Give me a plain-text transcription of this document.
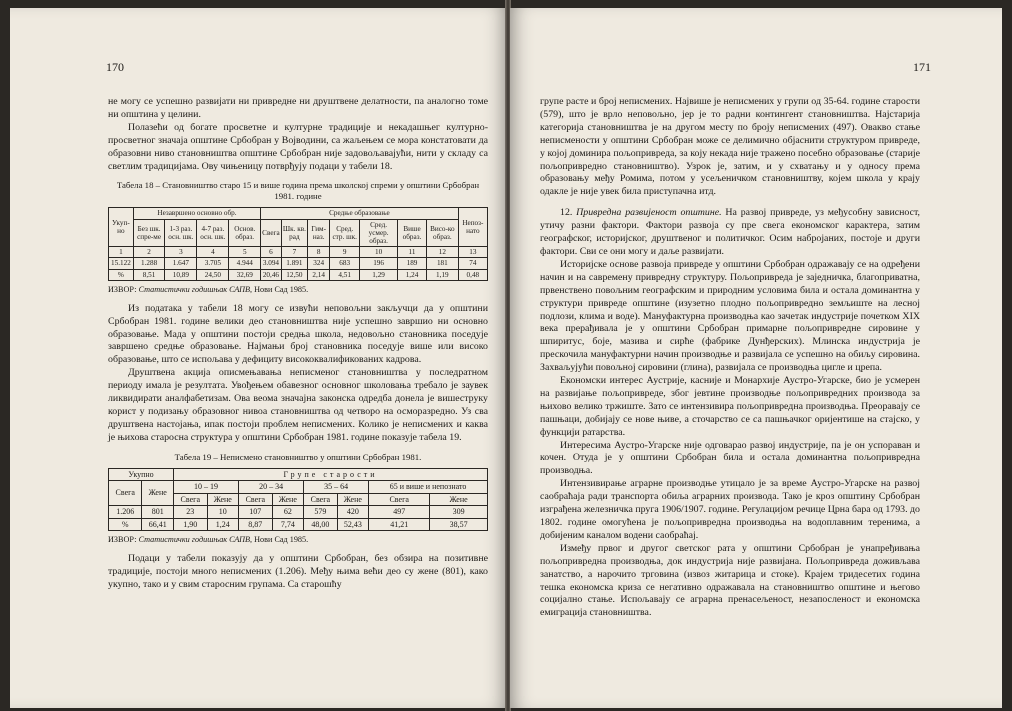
170

не могу се успешно развијати ни привредне ни друштвене делатности, па аналогно томе ни општина у целини.

Полазећи од богате просветне и културне традиције и некадашњег културно-просветног значаја општине Србобран у Војводини, са жаљењем се мора констатовати да образовни ниво становништва општине Србобран није задовољавајући, нити у складу са светлим традицијама. Ову чињеницу потврђују подаци у табели 18.

Табела 18 – Становништво старо 15 и више година према школској спреми у општини Србобран 1981. године
Укуп-но	Незавршено основно обр.				Средње образовање							Непоз-нато
	Без шк. спре-ме	1-3 раз. осн. шк.	4-7 раз. осн. шк.	Основ. образ.	Свега	Шк. кв. рад	Гим-наз.	Сред. стр. шк.	Сред. усмер. образ.	Више образ.	Висо-ко образ.	
1	2	3	4	5	6	7	8	9	10	11	12	13
15.122	1.288	1.647	3.705	4.944	3.094	1.891	324	683	196	189	181	74
%	8,51	10,89	24,50	32,69	20,46	12,50	2,14	4,51	1,29	1,24	1,19	0,48
ИЗВОР: Статистички годишњак САПВ, Нови Сад 1985.

Из података у табели 18 могу се извући неповољни закључци да у општини Србобран 1981. године велики део становништва није успешно завршио ни основно образовање. Мада у општини постоји средња школа, недовољно становника поседује завршено средње образовање. Најмањи број становника поседује више или високо образовање, што се испољава у дефициту висококвалификованих кадрова.

Друштвена акција описмењавања неписменог становништва у последратном периоду имала је резултата. Увођењем обавезног основног школовања требало је заувек ликвидирати аналфабетизам. Ова веома значајна законска одредба донела је вишеструку корист у подизању образовног нивоа становништва од четворо на осморазредно. Уз сва друштвена настојања, ипак постоји проблем неписмених. Колико је неписмених и каква је њихова старосна структура у општини Србобран 1981. године показује табела 19.

Табела 19 – Неписмено становништво у општини Србобран 1981.
Укупно		Групе старости							
Свега	Жене	10 – 19		20 – 34		35 – 64		65 и више и непознато	
		Свега	Жене	Свега	Жене	Свега	Жене	Свега	Жене
1.206	801	23	10	107	62	579	420	497	309
%	66,41	1,90	1,24	8,87	7,74	48,00	52,43	41,21	38,57
ИЗВОР: Статистички годишњак САПВ, Нови Сад 1985.

Подаци у табели показују да у општини Србобран, без обзира на позитивне традиције, постоји много неписмених (1.206). Међу њима већи део су жене (801), како укупно, тако и у свим старосним групама. Са старошћу

171

групе расте и број неписмених. Највише је неписмених у групи од 35-64. године старости (579), што је врло неповољно, јер је то радни контингент становништва. Најстарија категорија становништва је на другом месту по броју неписмених (497). Овакво стање неписмености у општини Србобран може се делимично објаснити структуром привреде, у којој доминира пољопривреда, за коју некада није тражено посебно образовање (старије пољопривредно становништво). Узрок је, затим, и у схватању и у односу према образовању међу Ромима, потом у усељеничком становништву, којем школа у крају одакле је није увек била приступачна итд.

12. Привредна развијеност општине. На развој привреде, уз међусобну зависност, утичу разни фактори. Фактори развоја су пре свега економског карактера, затим географског, историјског, друштвеног и политичког. Осим набројаних, постоје и други фактори. Сви се они могу и даље развијати.

Историјске основе развоја привреде у општини Србобран одражавају се на одређени начин и на савремену привредну структуру. Пољопривреда је заједничка, благоприватна, првенствено повољним географским и природним условима била и остала доминантна у структури привреде општине (изузетно плодно пољопривредно земљиште на лесној подлози, клима и воде). Мануфактурна производња као зачетак индустрије почетком XIX века прерађивала је у општини Србобран примарне пољопривредне сировине у шпиритус, боје, мазива и сирће (фабрике Дунђерских). Млинска индустрија је прескочила мануфактурни начин производње и развијала се успешно на обиљу сировина. Захваљујући повољној сировини (глина), развијала се производња цигле и црепа.

Економски интерес Аустрије, касније и Монархије Аустро-Угарске, био је усмерен на развијање пољопривреде, због јевтине производње пољопривредних производа за њихово велико тржиште. Зато се интензивира пољопривредна производња. Преоравају се пашњаци, добијају се нове њиве, а сточарство се са пашњачког оријентише на стајско, у функцији ратарства.

Интересима Аустро-Угарске није одговарао развој индустрије, па је он успораван и кочен. Отуда је у општини Србобран била и остала доминантна пољопривредна производња.

Интензивирање аграрне производње утицало је за време Аустро-Угарске на развој саобраћаја ради транспорта обиља аграрних производа. Тако је кроз општину Србобран изграђена железничка пруга 1906/1907. године. Регулацијом речице Црна бара од 1793. до 1802. године омогућена је пољопривредна производња на водоплавним теренима, а добијеним каналом водени саобраћај.

Између првог и другог светског рата у општини Србобран је унапређивања пољопривредна производња, док индустрија није развијана. Пољопривреда доживљава занатство, а нарочито трговина (извоз житарица и стоке). Крајем тридесетих година тешка економска криза се негативно одражавала на становништво општине и његово социјално стање. Испољавају се аграрна пренасељеност, незапосленост и економска емиграција становништва.
